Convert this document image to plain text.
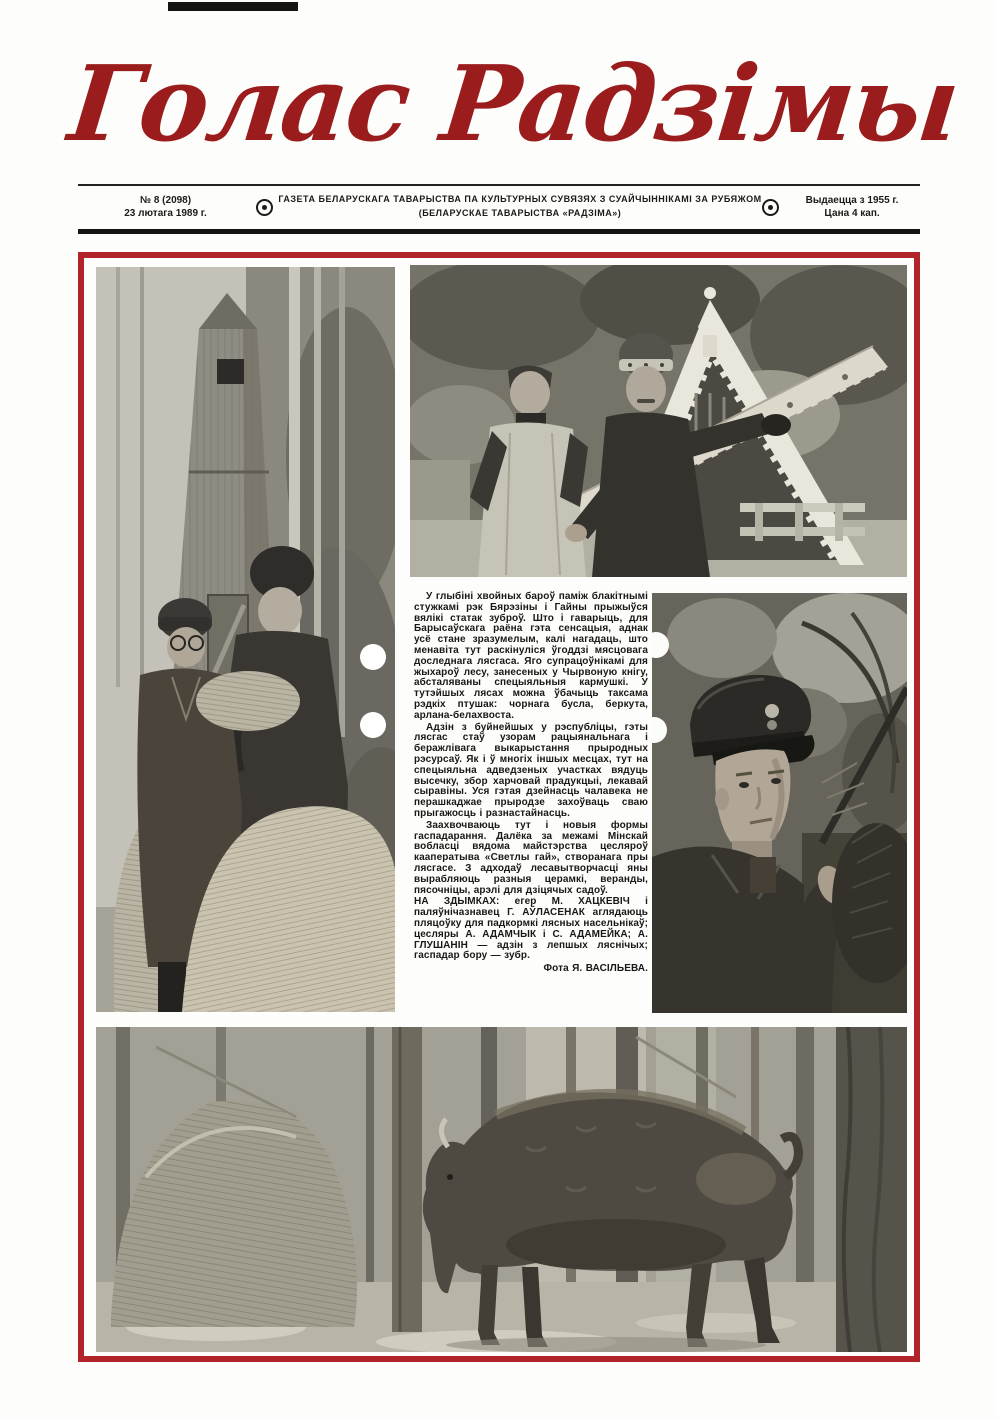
Голас Радзімы
№ 8 (2098)
23 лютага 1989 г.
ГАЗЕТА БЕЛАРУСКАГА ТАВАРЫСТВА ПА КУЛЬТУРНЫХ СУВЯЗЯХ З СУАЙЧЫННІКАМІ ЗА РУБЯЖОМ
(БЕЛАРУСКАЕ ТАВАРЫСТВА «РАДЗІМА»)
Выдаецца з 1955 г.
Цана 4 кап.

У глыбіні хвойных бароў паміж блакітнымі стужкамі рэк Бярэзіны і Гайны прыжыўся вялікі статак зуброў. Што і гаварыць, для Барысаўскага раёна гэта сенсацыя, аднак усё стане зразумелым, калі нагадаць, што менавіта тут раскінуліся ўгоддзі мясцовага доследнага лясгаса. Яго супрацоўнікамі для жыхароў лесу, занесеных у Чырвоную кнігу, абсталяваны спецыяльныя кармушкі. У тутэйшых лясах можна ўбачыць таксама рэдкіх птушак: чорнага бусла, беркута, арлана-белахвоста.

Адзін з буйнейшых у рэспубліцы, гэты лясгас стаў узорам рацыянальнага і беражлівага выкарыстання прыродных рэсурсаў. Як і ў многіх іншых месцах, тут на спецыяльна адведзеных участках вядуць высечку, збор харчовай прадукцыі, лекавай сыравіны. Уся гэтая дзейнасць чалавека не перашкаджае прыродзе захоўваць сваю прыгажосць і разнастайнасць.

Заахвочваюць тут і новыя формы гаспадарання. Далёка за межамі Мінскай вобласці вядома майстэрства цесляроў кааператыва «Светлы гай», створанага пры лясгасе. З адходаў лесавытворчасці яны вырабляюць разныя церамкі, веранды, пясочніцы, арэлі для дзіцячых садоў.

НА ЗДЫМКАХ: егер М. ХАЦКЕВІЧ і паляўнічазнавец Г. АЎЛАСЕНАК аглядаюць пляцоўку для падкормкі лясных насельнікаў; цесляры А. АДАМЧЫК і С. АДАМЕЙКА; А. ГЛУШАНІН — адзін з лепшых ляснічых; гаспадар бору — зубр.

Фота Я. ВАСІЛЬЕВА.
